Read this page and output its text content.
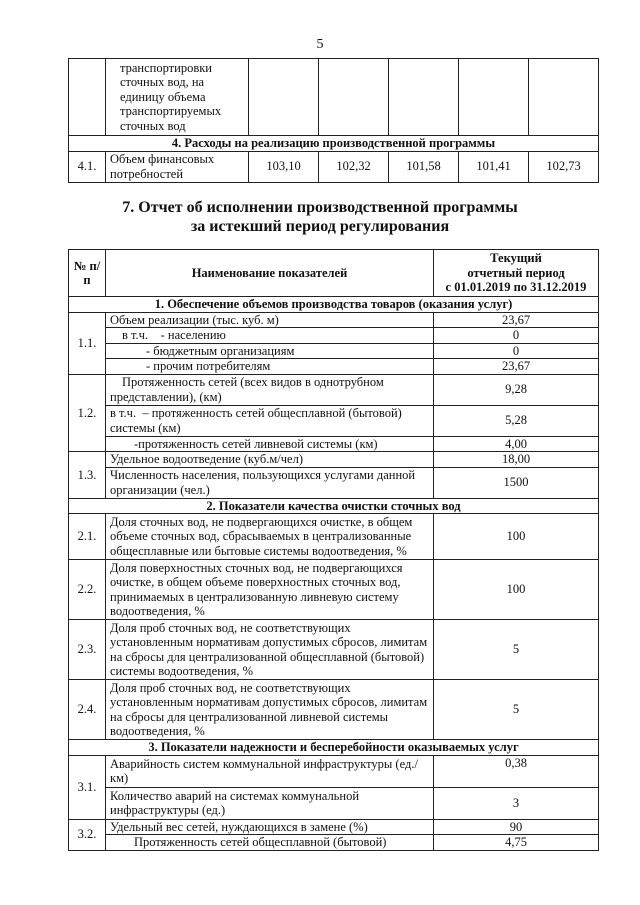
5
	транспортировки сточных вод, на единицу объема транспортируемых сточных вод					
4. Расходы на реализацию производственной программы						
4.1.	Объем финансовых потребностей	103,10	102,32	101,58	101,41	102,73
7. Отчет об исполнении производственной программы
за истекший период регулирования
№ п/п	Наименование показателей	Текущий
отчетный период
с 01.01.2019 по 31.12.2019

1. Обеспечение объемов производства товаров (оказания услуг)		
1.1.	Объем реализации (тыс. куб. м)	23,67
	в т.ч.    - населению	0
	- бюджетным организациям	0
	- прочим потребителям	23,67
1.2.	Протяженность сетей (всех видов в однотрубном представлении), (км)	9,28
	в т.ч.  – протяженность сетей общесплавной (бытовой) системы (км)	5,28
	-протяженность сетей ливневой системы (км)	4,00
1.3.	Удельное водоотведение (куб.м/чел)	18,00
	Численность населения, пользующихся услугами данной организации (чел.)	1500
2. Показатели качества очистки сточных вод		
2.1.	Доля сточных вод, не подвергающихся очистке, в общем объеме сточных вод, сбрасываемых в централизованные общесплавные или бытовые системы водоотведения, %	100
2.2.	Доля поверхностных сточных вод, не подвергающихся очистке, в общем объеме поверхностных сточных вод, принимаемых в централизованную ливневую систему водоотведения, %	100
2.3.	Доля проб сточных вод, не соответствующих установленным нормативам допустимых сбросов, лимитам на сбросы для централизованной общесплавной (бытовой) системы водоотведения, %	5
2.4.	Доля проб сточных вод, не соответствующих установленным нормативам допустимых сбросов, лимитам на сбросы для централизованной ливневой системы водоотведения, %	5
3. Показатели надежности и бесперебойности оказываемых услуг		
3.1.	Аварийность систем коммунальной инфраструктуры (ед./км)	0,38
	Количество аварий на системах коммунальной инфраструктуры (ед.)	3
3.2.	Удельный вес сетей, нуждающихся в замене (%)	90
	Протяженность сетей общесплавной (бытовой)	4,75
